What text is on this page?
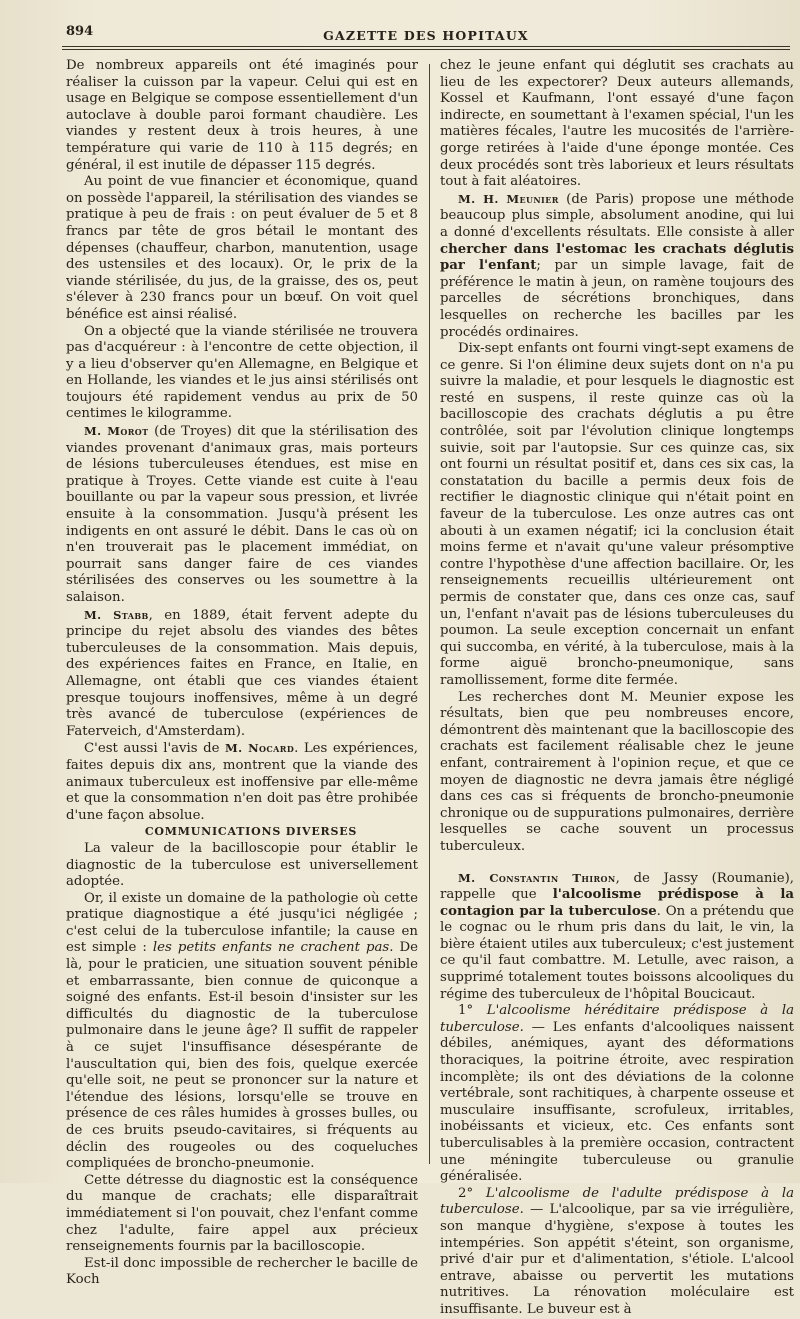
894	GAZETTE DES HOPITAUX

De nombreux appareils ont été imaginés pour réaliser la cuisson par la vapeur. Celui qui est en usage en Belgique se compose essentiellement d'un autoclave à double paroi formant chaudière. Les viandes y restent deux à trois heures, à une température qui varie de 110 à 115 degrés; en général, il est inutile de dépasser 115 degrés.

Au point de vue financier et économique, quand on possède l'appareil, la stérilisation des viandes se pratique à peu de frais : on peut évaluer de 5 et 8 francs par tête de gros bétail le montant des dépenses (chauffeur, charbon, manutention, usage des ustensiles et des locaux). Or, le prix de la viande stérilisée, du jus, de la graisse, des os, peut s'élever à 230 francs pour un bœuf. On voit quel bénéfice est ainsi réalisé.

On a objecté que la viande stérilisée ne trouvera pas d'acquéreur : à l'encontre de cette objection, il y a lieu d'observer qu'en Allemagne, en Belgique et en Hollande, les viandes et le jus ainsi stérilisés ont toujours été rapidement vendus au prix de 50 centimes le kilogramme.

M. Morot (de Troyes) dit que la stérilisation des viandes provenant d'animaux gras, mais porteurs de lésions tuberculeuses étendues, est mise en pratique à Troyes. Cette viande est cuite à l'eau bouillante ou par la vapeur sous pression, et livrée ensuite à la consommation. Jusqu'à présent les indigents en ont assuré le débit. Dans le cas où on n'en trouverait pas le placement immédiat, on pourrait sans danger faire de ces viandes stérilisées des conserves ou les soumettre à la salaison.

M. Stabb, en 1889, était fervent adepte du principe du rejet absolu des viandes des bêtes tuberculeuses de la consommation. Mais depuis, des expériences faites en France, en Italie, en Allemagne, ont établi que ces viandes étaient presque toujours inoffensives, même à un degré très avancé de tuberculose (expériences de Faterveich, d'Amsterdam).

C'est aussi l'avis de M. Nocard. Les expériences, faites depuis dix ans, montrent que la viande des animaux tuberculeux est inoffensive par elle-même et que la consommation n'en doit pas être prohibée d'une façon absolue.

COMMUNICATIONS DIVERSES

La valeur de la bacilloscopie pour établir le diagnostic de la tuberculose est universellement adoptée.

Or, il existe un domaine de la pathologie où cette pratique diagnostique a été jusqu'ici négligée ; c'est celui de la tuberculose infantile; la cause en est simple : les petits enfants ne crachent pas. De là, pour le praticien, une situation souvent pénible et embarrassante, bien connue de quiconque a soigné des enfants. Est-il besoin d'insister sur les difficultés du diagnostic de la tuberculose pulmonaire dans le jeune âge? Il suffit de rappeler à ce sujet l'insuffisance désespérante de l'auscultation qui, bien des fois, quelque exercée qu'elle soit, ne peut se prononcer sur la nature et l'étendue des lésions, lorsqu'elle se trouve en présence de ces râles humides à grosses bulles, ou de ces bruits pseudo-cavitaires, si fréquents au déclin des rougeoles ou des coqueluches compliquées de broncho-pneumonie.

Cette détresse du diagnostic est la conséquence du manque de crachats; elle disparaîtrait immédiatement si l'on pouvait, chez l'enfant comme chez l'adulte, faire appel aux précieux renseignements fournis par la bacilloscopie.

Est-il donc impossible de rechercher le bacille de Koch

chez le jeune enfant qui déglutit ses crachats au lieu de les expectorer? Deux auteurs allemands, Kossel et Kaufmann, l'ont essayé d'une façon indirecte, en soumettant à l'examen spécial, l'un les matières fécales, l'autre les mucosités de l'arrière-gorge retirées à l'aide d'une éponge montée. Ces deux procédés sont très laborieux et leurs résultats tout à fait aléatoires.

M. H. Meunier (de Paris) propose une méthode beaucoup plus simple, absolument anodine, qui lui a donné d'excellents résultats. Elle consiste à aller chercher dans l'estomac les crachats déglutis par l'enfant; par un simple lavage, fait de préférence le matin à jeun, on ramène toujours des parcelles de sécrétions bronchiques, dans lesquelles on recherche les bacilles par les procédés ordinaires.

Dix-sept enfants ont fourni vingt-sept examens de ce genre. Si l'on élimine deux sujets dont on n'a pu suivre la maladie, et pour lesquels le diagnostic est resté en suspens, il reste quinze cas où la bacilloscopie des crachats déglutis a pu être contrôlée, soit par l'évolution clinique longtemps suivie, soit par l'autopsie. Sur ces quinze cas, six ont fourni un résultat positif et, dans ces six cas, la constatation du bacille a permis deux fois de rectifier le diagnostic clinique qui n'était point en faveur de la tuberculose. Les onze autres cas ont abouti à un examen négatif; ici la conclusion était moins ferme et n'avait qu'une valeur présomptive contre l'hypothèse d'une affection bacillaire. Or, les renseignements recueillis ultérieurement ont permis de constater que, dans ces onze cas, sauf un, l'enfant n'avait pas de lésions tuberculeuses du poumon. La seule exception concernait un enfant qui succomba, en vérité, à la tuberculose, mais à la forme aiguë broncho-pneumonique, sans ramollissement, forme dite fermée.

Les recherches dont M. Meunier expose les résultats, bien que peu nombreuses encore, démontrent dès maintenant que la bacilloscopie des crachats est facilement réalisable chez le jeune enfant, contrairement à l'opinion reçue, et que ce moyen de diagnostic ne devra jamais être négligé dans ces cas si fréquents de broncho-pneumonie chronique ou de suppurations pulmonaires, derrière lesquelles se cache souvent un processus tuberculeux.

M. Constantin Thiron, de Jassy (Roumanie), rappelle que l'alcoolisme prédispose à la contagion par la tuberculose. On a prétendu que le cognac ou le rhum pris dans du lait, le vin, la bière étaient utiles aux tuberculeux; c'est justement ce qu'il faut combattre. M. Letulle, avec raison, a supprimé totalement toutes boissons alcooliques du régime des tuberculeux de l'hôpital Boucicaut.

1° L'alcoolisme héréditaire prédispose à la tuberculose. — Les enfants d'alcooliques naissent débiles, anémiques, ayant des déformations thoraciques, la poitrine étroite, avec respiration incomplète; ils ont des déviations de la colonne vertébrale, sont rachitiques, à charpente osseuse et musculaire insuffisante, scrofuleux, irritables, inobéissants et vicieux, etc. Ces enfants sont tuberculisables à la première occasion, contractent une méningite tuberculeuse ou granulie généralisée.

2° L'alcoolisme de l'adulte prédispose à la tuberculose. — L'alcoolique, par sa vie irrégulière, son manque d'hygiène, s'expose à toutes les intempéries. Son appétit s'éteint, son organisme, privé d'air pur et d'alimentation, s'étiole. L'alcool entrave, abaisse ou pervertit les mutations nutritives. La rénovation moléculaire est insuffisante. Le buveur est à
